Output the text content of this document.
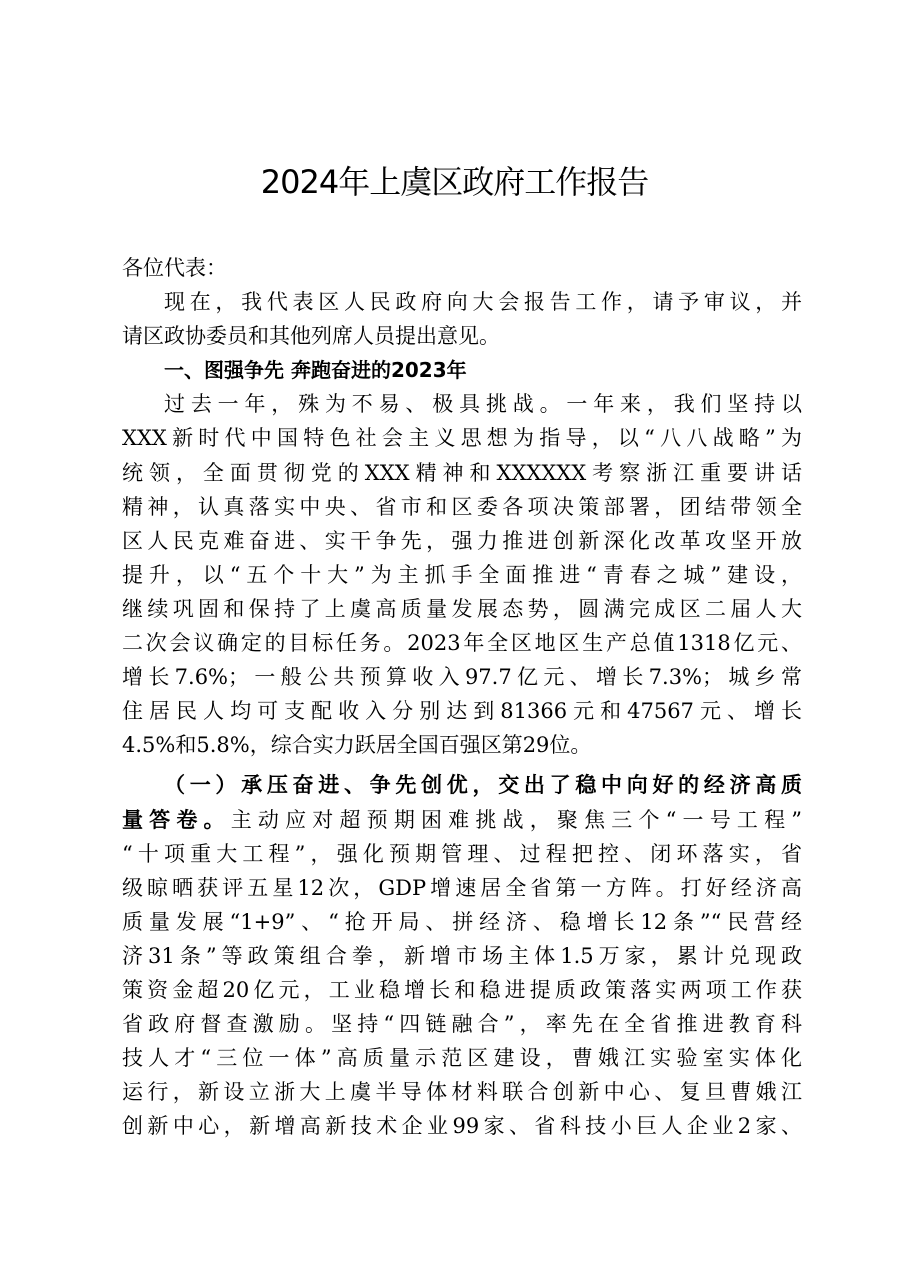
2024年上虞区政府工作报告
各位代表：
现在，我代表区人民政府向大会报告工作，请予审议，并
请区政协委员和其他列席人员提出意见。
一、图强争先 奔跑奋进的2023年
过去一年，殊为不易、极具挑战。一年来，我们坚持以
XXX新时代中国特色社会主义思想为指导，以“八八战略”为
统领，全面贯彻党的XXX精神和XXXXXX考察浙江重要讲话
精神，认真落实中央、省市和区委各项决策部署，团结带领全
区人民克难奋进、实干争先，强力推进创新深化改革攻坚开放
提升，以“五个十大”为主抓手全面推进“青春之城”建设，
继续巩固和保持了上虞高质量发展态势，圆满完成区二届人大
二次会议确定的目标任务。2023年全区地区生产总值1318亿元、
增长7.6%；一般公共预算收入97.7亿元、增长7.3%；城乡常
住居民人均可支配收入分别达到81366元和47567元、增长
4.5%和5.8%，综合实力跃居全国百强区第29位。
（一）承压奋进、争先创优，交出了稳中向好的经济高质
量答卷。主动应对超预期困难挑战，聚焦三个“一号工程”
“十项重大工程”，强化预期管理、过程把控、闭环落实，省
级晾晒获评五星12次，GDP增速居全省第一方阵。打好经济高
质量发展“1+9”、“抢开局、拼经济、稳增长12条”“民营经
济31条”等政策组合拳，新增市场主体1.5万家，累计兑现政
策资金超20亿元，工业稳增长和稳进提质政策落实两项工作获
省政府督查激励。坚持“四链融合”，率先在全省推进教育科
技人才“三位一体”高质量示范区建设，曹娥江实验室实体化
运行，新设立浙大上虞半导体材料联合创新中心、复旦曹娥江
创新中心，新增高新技术企业99家、省科技小巨人企业2家、
